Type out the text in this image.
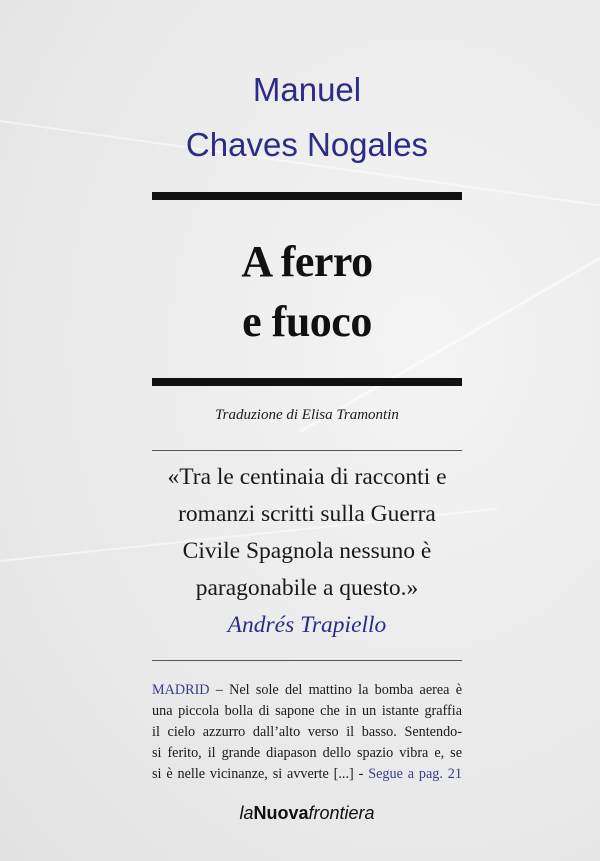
Manuel
Chaves Nogales
A ferro
e fuoco
Traduzione di Elisa Tramontin
«Tra le centinaia di racconti e
romanzi scritti sulla Guerra
Civile Spagnola nessuno è
paragonabile a questo.»
Andrés Trapiello
MADRID – Nel sole del mattino la bomba aerea è
una piccola bolla di sapone che in un istante graffia
il cielo azzurro dall’alto verso il basso. Sentendo-
si ferito, il grande diapason dello spazio vibra e, se
si è nelle vicinanze, si avverte [...] - Segue a pag. 21
laNuovafrontiera
